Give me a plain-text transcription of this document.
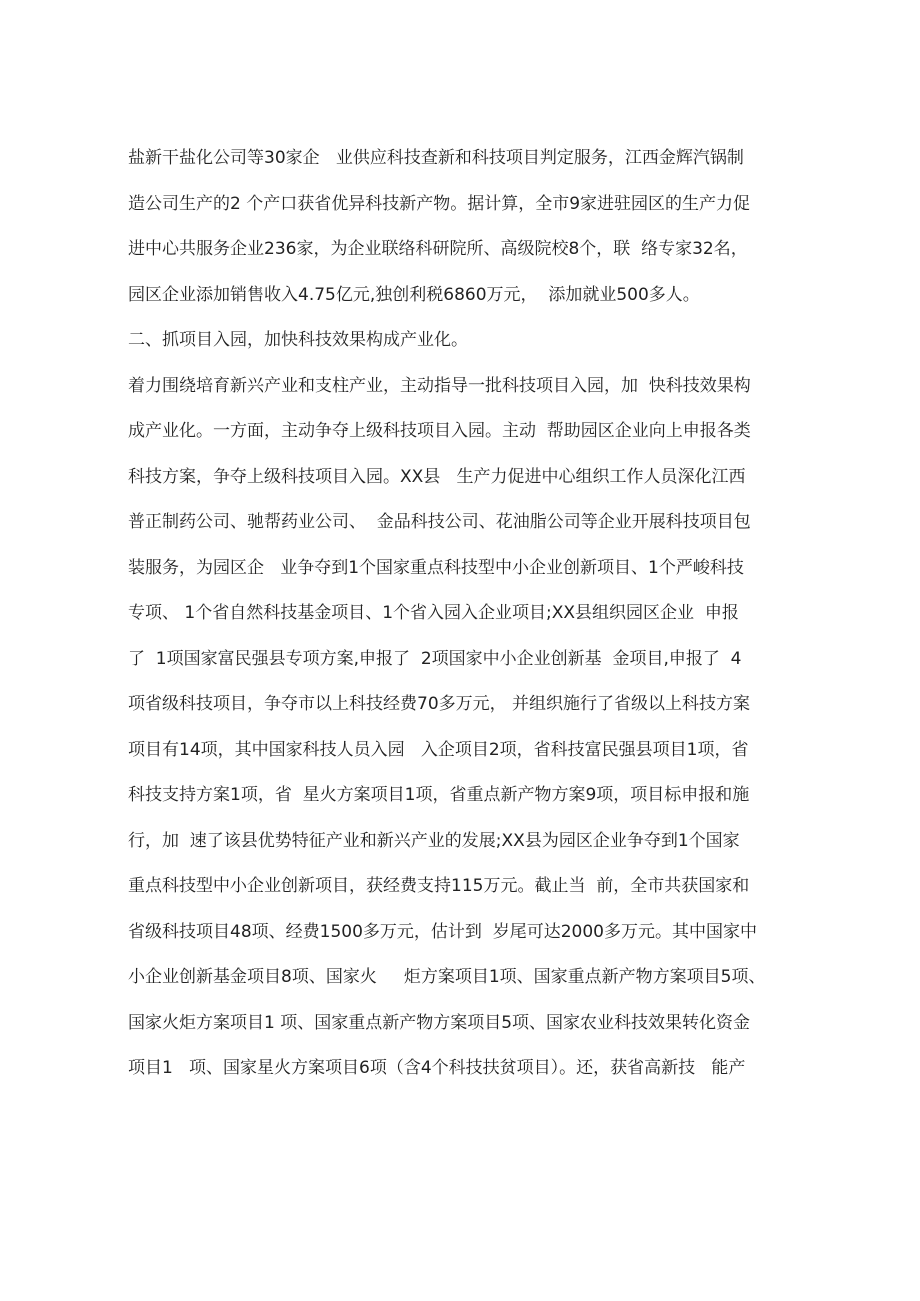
盐新干盐化公司等30家企   业供应科技查新和科技项目判定服务，江西金辉汽锅制
造公司生产的2 个产口获省优异科技新产物。据计算，全市9家进驻园区的生产力促
进中心共服务企业236家，为企业联络科研院所、高级院校8个，联  络专家32名，
园区企业添加销售收入4.75亿元,独创利税6860万元，  添加就业500多人。
二、抓项目入园，加快科技效果构成产业化。
着力围绕培育新兴产业和支柱产业，主动指导一批科技项目入园，加  快科技效果构
成产业化。一方面，主动争夺上级科技项目入园。主动  帮助园区企业向上申报各类
科技方案，争夺上级科技项目入园。XX县   生产力促进中心组织工作人员深化江西
普正制药公司、驰帮药业公司、  金品科技公司、花油脂公司等企业开展科技项目包
装服务，为园区企   业争夺到1个国家重点科技型中小企业创新项目、1个严峻科技
专项、 1个省自然科技基金项目、1个省入园入企业项目;XX县组织园区企业  申报
了  1项国家富民强县专项方案,申报了  2项国家中小企业创新基  金项目,申报了  4
项省级科技项目，争夺市以上科技经费70多万元， 并组织施行了省级以上科技方案
项目有14项，其中国家科技人员入园   入企项目2项，省科技富民强县项目1项，省
科技支持方案1项，省  星火方案项目1项，省重点新产物方案9项，项目标申报和施
行，加  速了该县优势特征产业和新兴产业的发展;XX县为园区企业争夺到1个国家
重点科技型中小企业创新项目，获经费支持115万元。截止当  前，全市共获国家和
省级科技项目48项、经费1500多万元，估计到  岁尾可达2000多万元。其中国家中
小企业创新基金项目8项、国家火     炬方案项目1项、国家重点新产物方案项目5项、
国家火炬方案项目1 项、国家重点新产物方案项目5项、国家农业科技效果转化资金
项目1   项、国家星火方案项目6项（含4个科技扶贫项目）。还，获省高新技   能产
